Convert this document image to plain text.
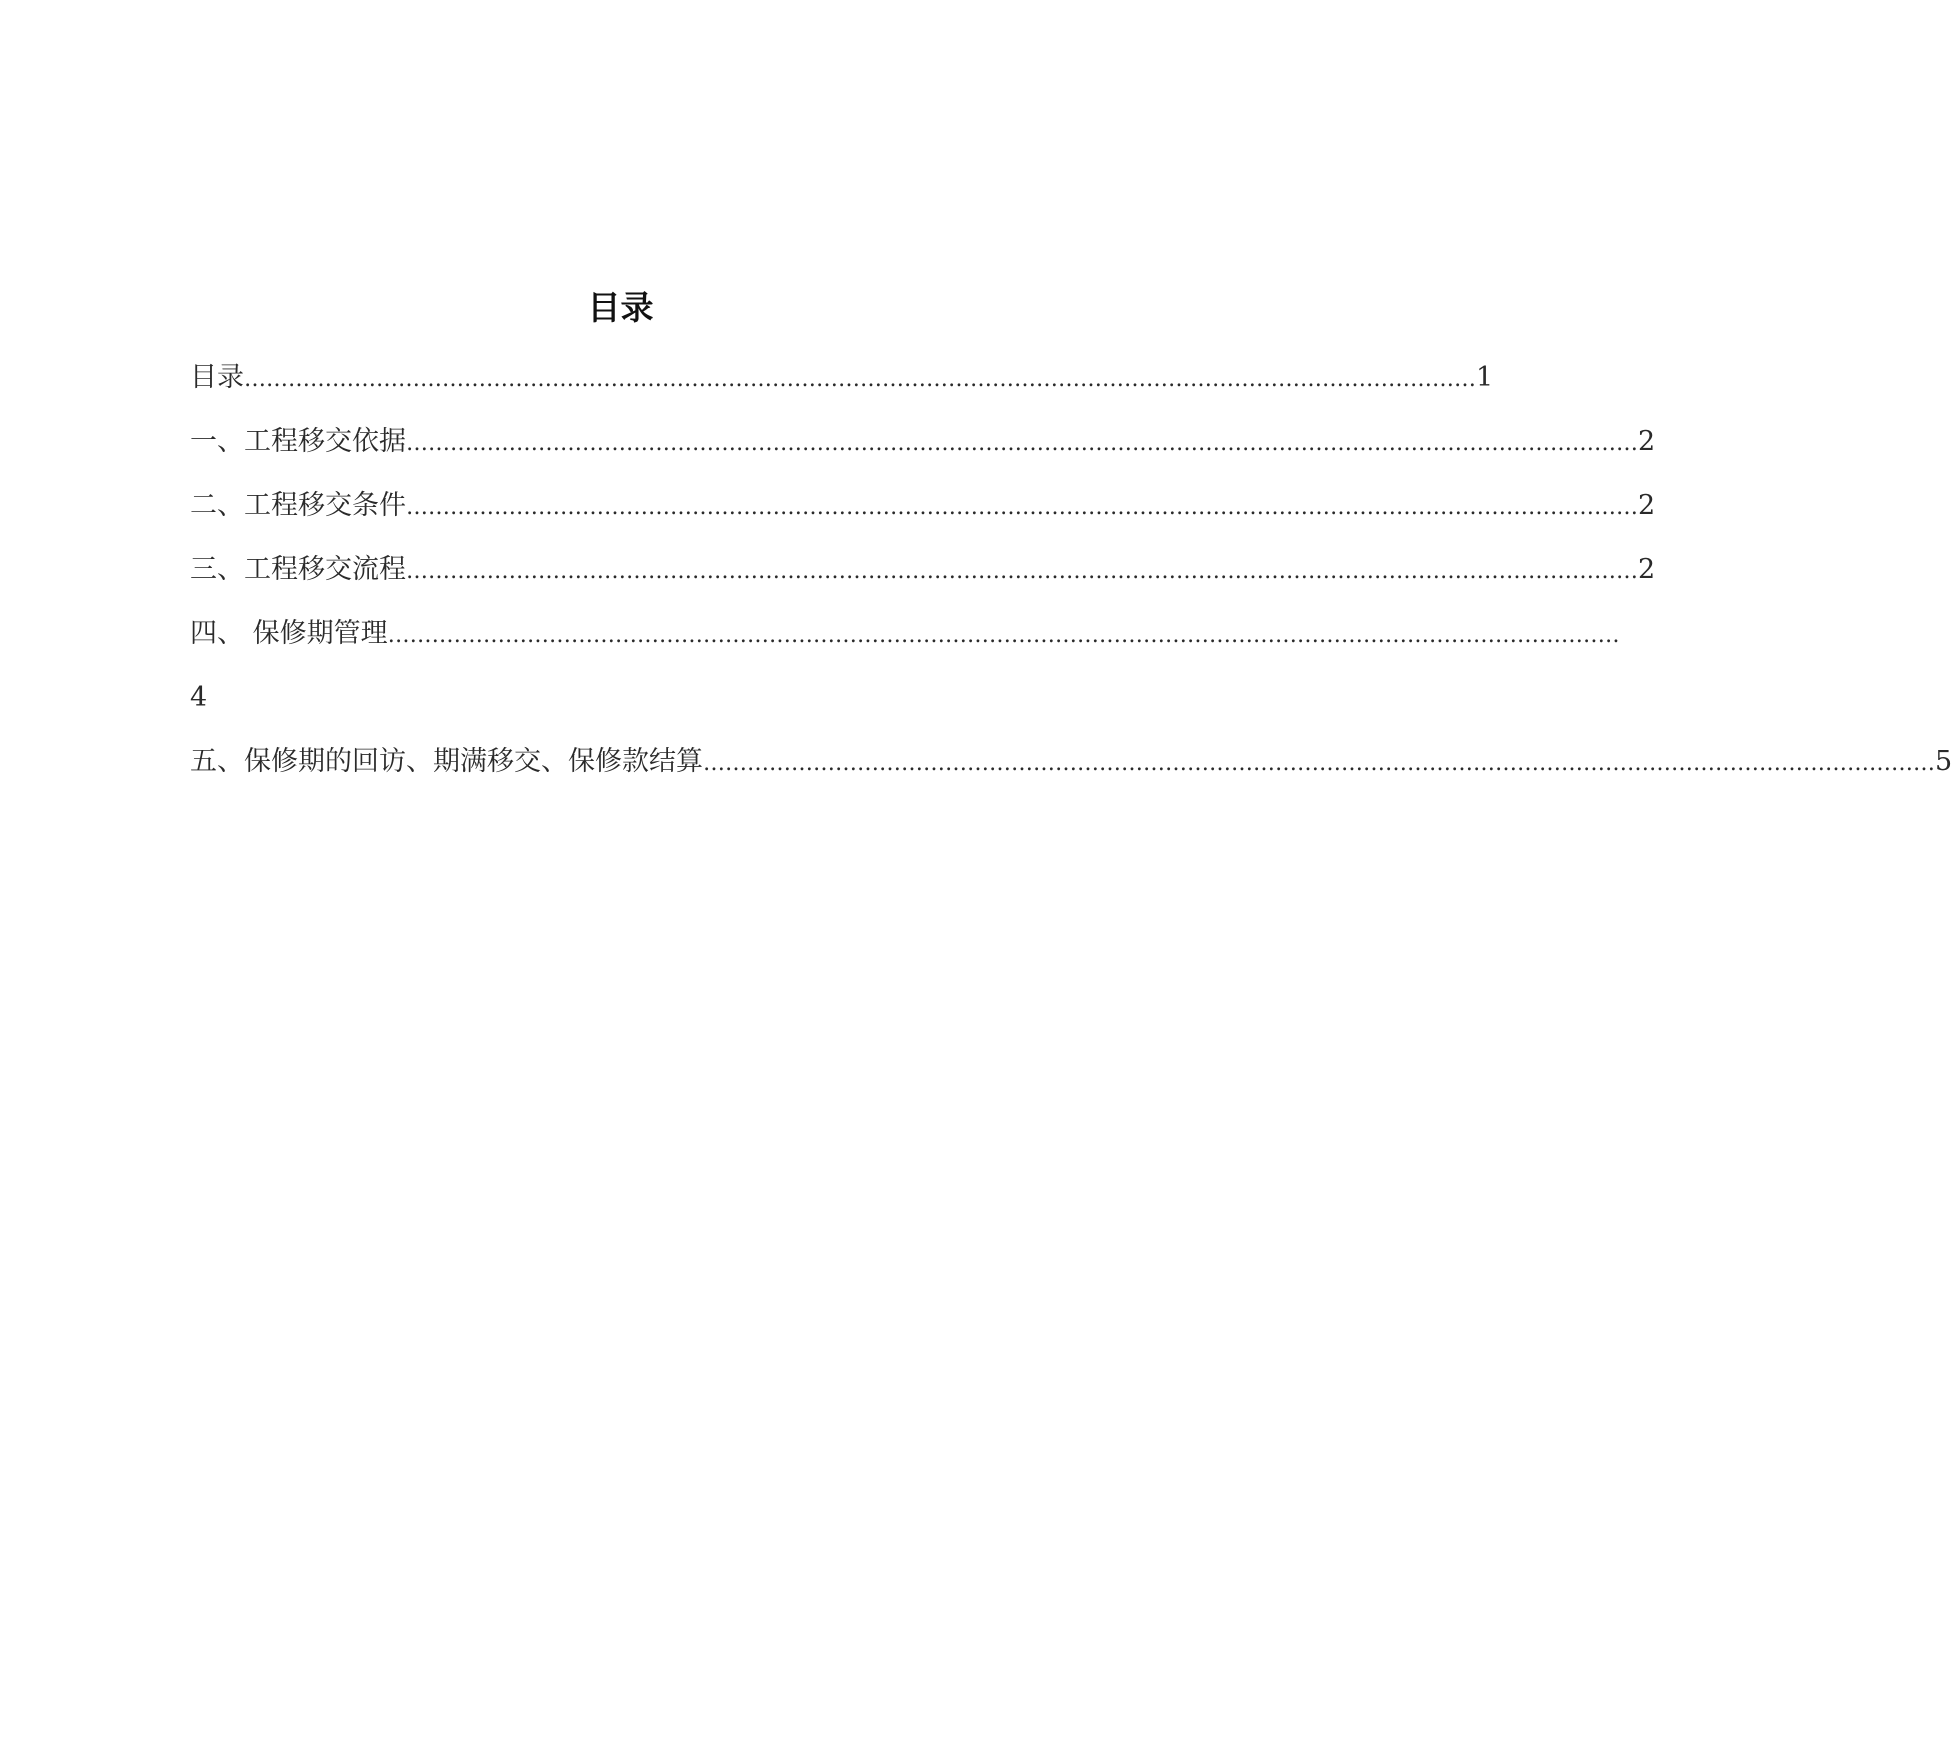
目录
目录 …………………………………………………………………………………………………………………………………………………… 1
一、工程移交依据 …………………………………………………………………………………………………………………………………………………… 2
二、工程移交条件 …………………………………………………………………………………………………………………………………………………… 2
三、工程移交流程 …………………………………………………………………………………………………………………………………………………… 2
四、 保修期管理 ……………………………………………………………………………………………………………………………………………………
4
五、保修期的回访、期满移交、保修款结算 …………………………………………………………………………………………………………………………………………………… 5
